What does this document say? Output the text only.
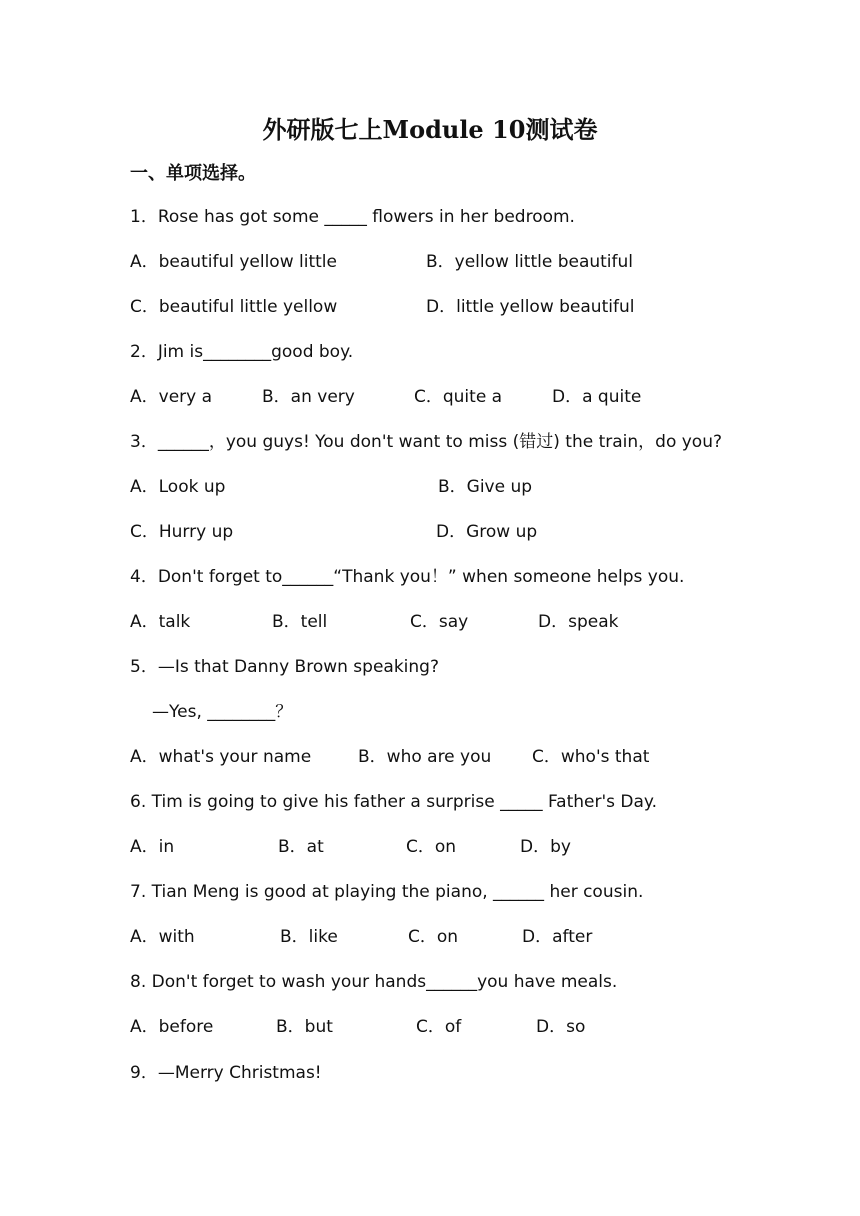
外研版七上Module 10测试卷
一、单项选择。
1．Rose has got some _____ flowers in her bedroom.
A．beautiful yellow little	B．yellow little beautiful
C．beautiful little yellow	D．little yellow beautiful
2．Jim is________good boy.
A．very a	B．an very	C．quite a	D．a quite
3．______，you guys! You don't want to miss (错过) the train，do you?
A．Look up	B．Give up
C．Hurry up	D．Grow up
4．Don't forget to______“Thank you！” when someone helps you.
A．talk	B．tell	C．say	D．speak
5．—Is that Danny Brown speaking?
—Yes, ________？
A．what's your name	B．who are you C．who's that
6. Tim is going to give his father a surprise _____ Father's Day.
A．in	B．at	C．on	D．by
7. Tian Meng is good at playing the piano, ______ her cousin.
A．with	B．like	C．on	D．after
8. Don't forget to wash your hands______you have meals.
A．before	B．but	C．of	D．so
9．—Merry Christmas!
